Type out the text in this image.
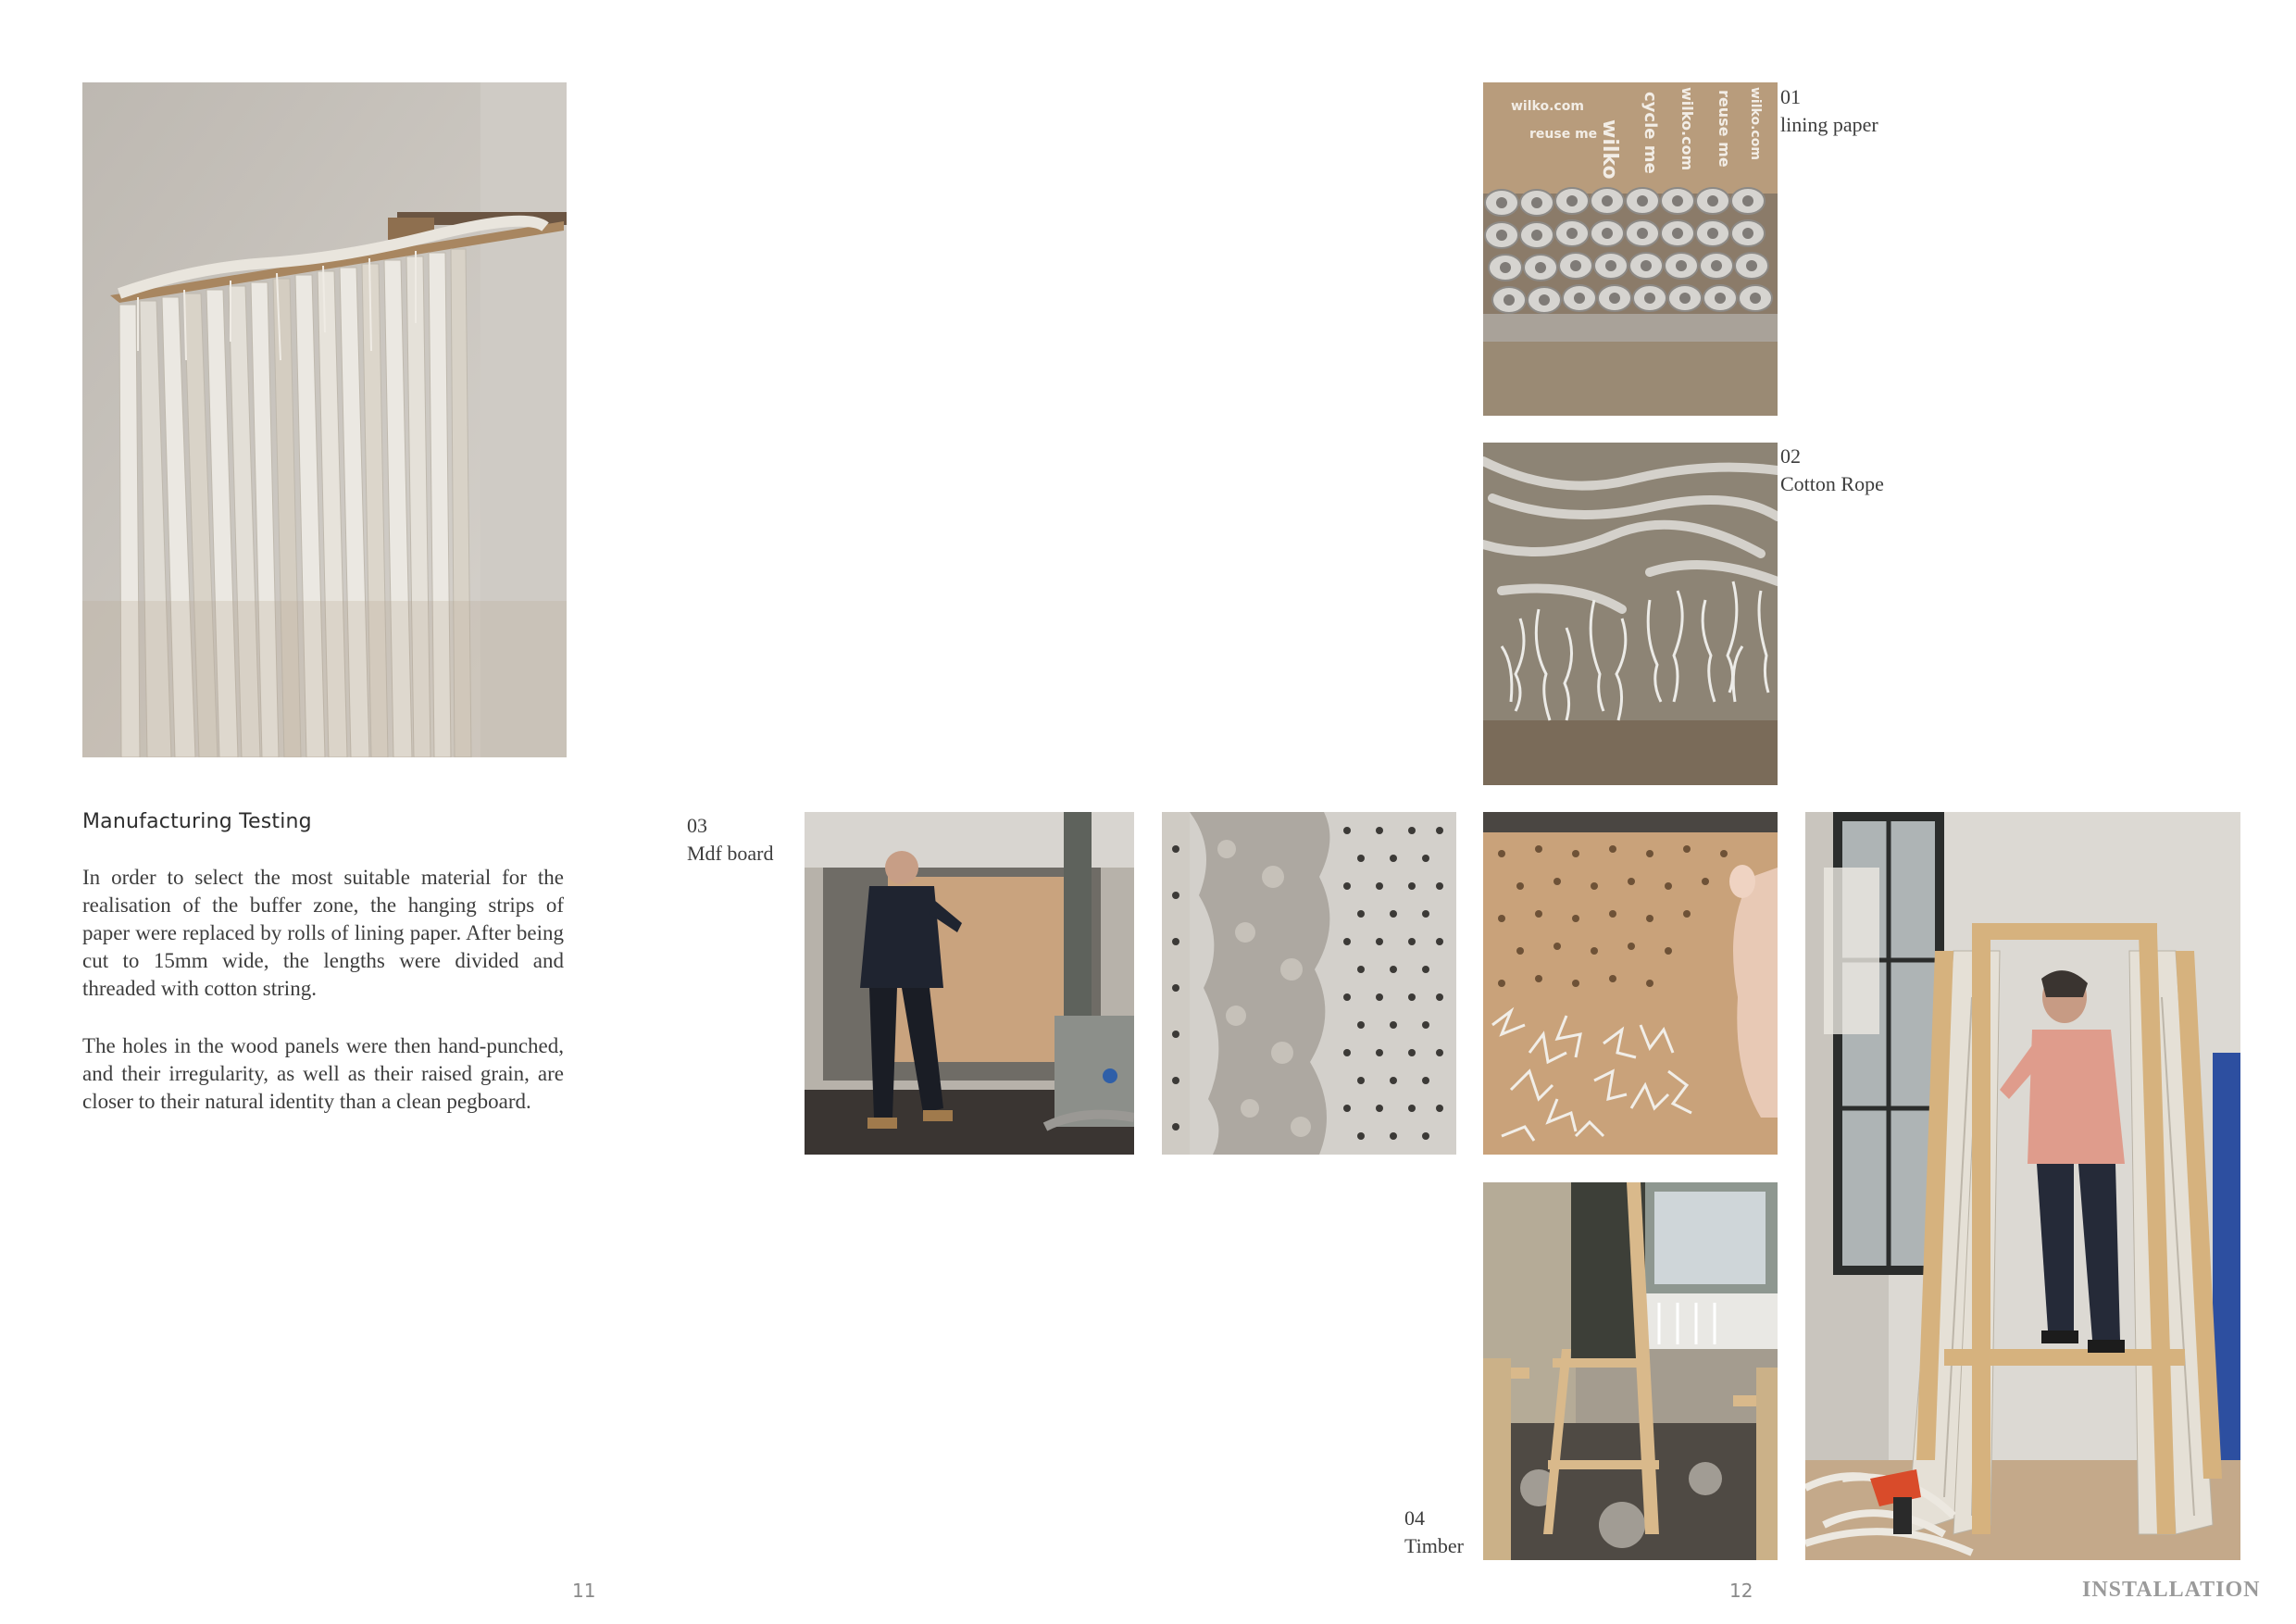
Manufacturing Testing
In order to select the most suitable material for the realisation of the buffer zone, the hanging strips of paper were replaced by rolls of lining paper. After being cut to 15mm wide, the lengths were divided and threaded with cotton string.
The holes in the wood panels were then hand-punched, and their irregularity, as well as their raised grain, are closer to their natural identity than a clean pegboard.
11
wilko cycle me wilko.com reuse me wilko.com
wilko.com
reuse me
01
lining paper
02
Cotton Rope
03
Mdf board
04
Timber
12	INSTALLATION
